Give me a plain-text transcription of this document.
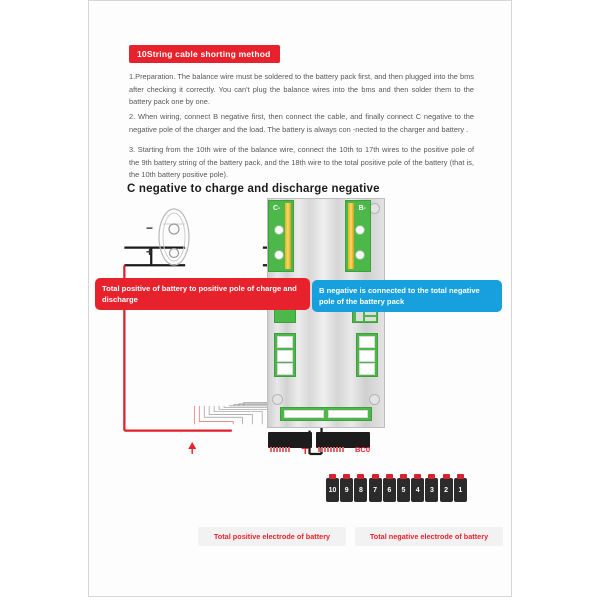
10String cable shorting method
1.Preparation. The balance wire must be soldered to the battery pack first, and then plugged into the bms after checking it correctly. You can't plug the balance wires into the bms and then solder them to the battery pack one by one.
2. When wiring, connect B negative first, then connect the cable, and finally connect C negative to the negative pole of the charger and the load. The battery is always con -nected to the charger and battery .
3. Starting from the 10th wire of the balance wire, connect the 10th to 17th wires to the positive pole of the 9th battery string of the battery pack, and the 18th wire to the total positive pole of the battery (that is, the 10th battery positive pole).
C negative to charge and discharge negative
C-	B-
BC0
−
+
Total positive of battery to positive pole of charge and discharge
B negative is connected to the total negative pole of the battery pack
10 9 8 7 6 5 4 3 2 1
Total positive electrode of battery	Total negative electrode of battery
